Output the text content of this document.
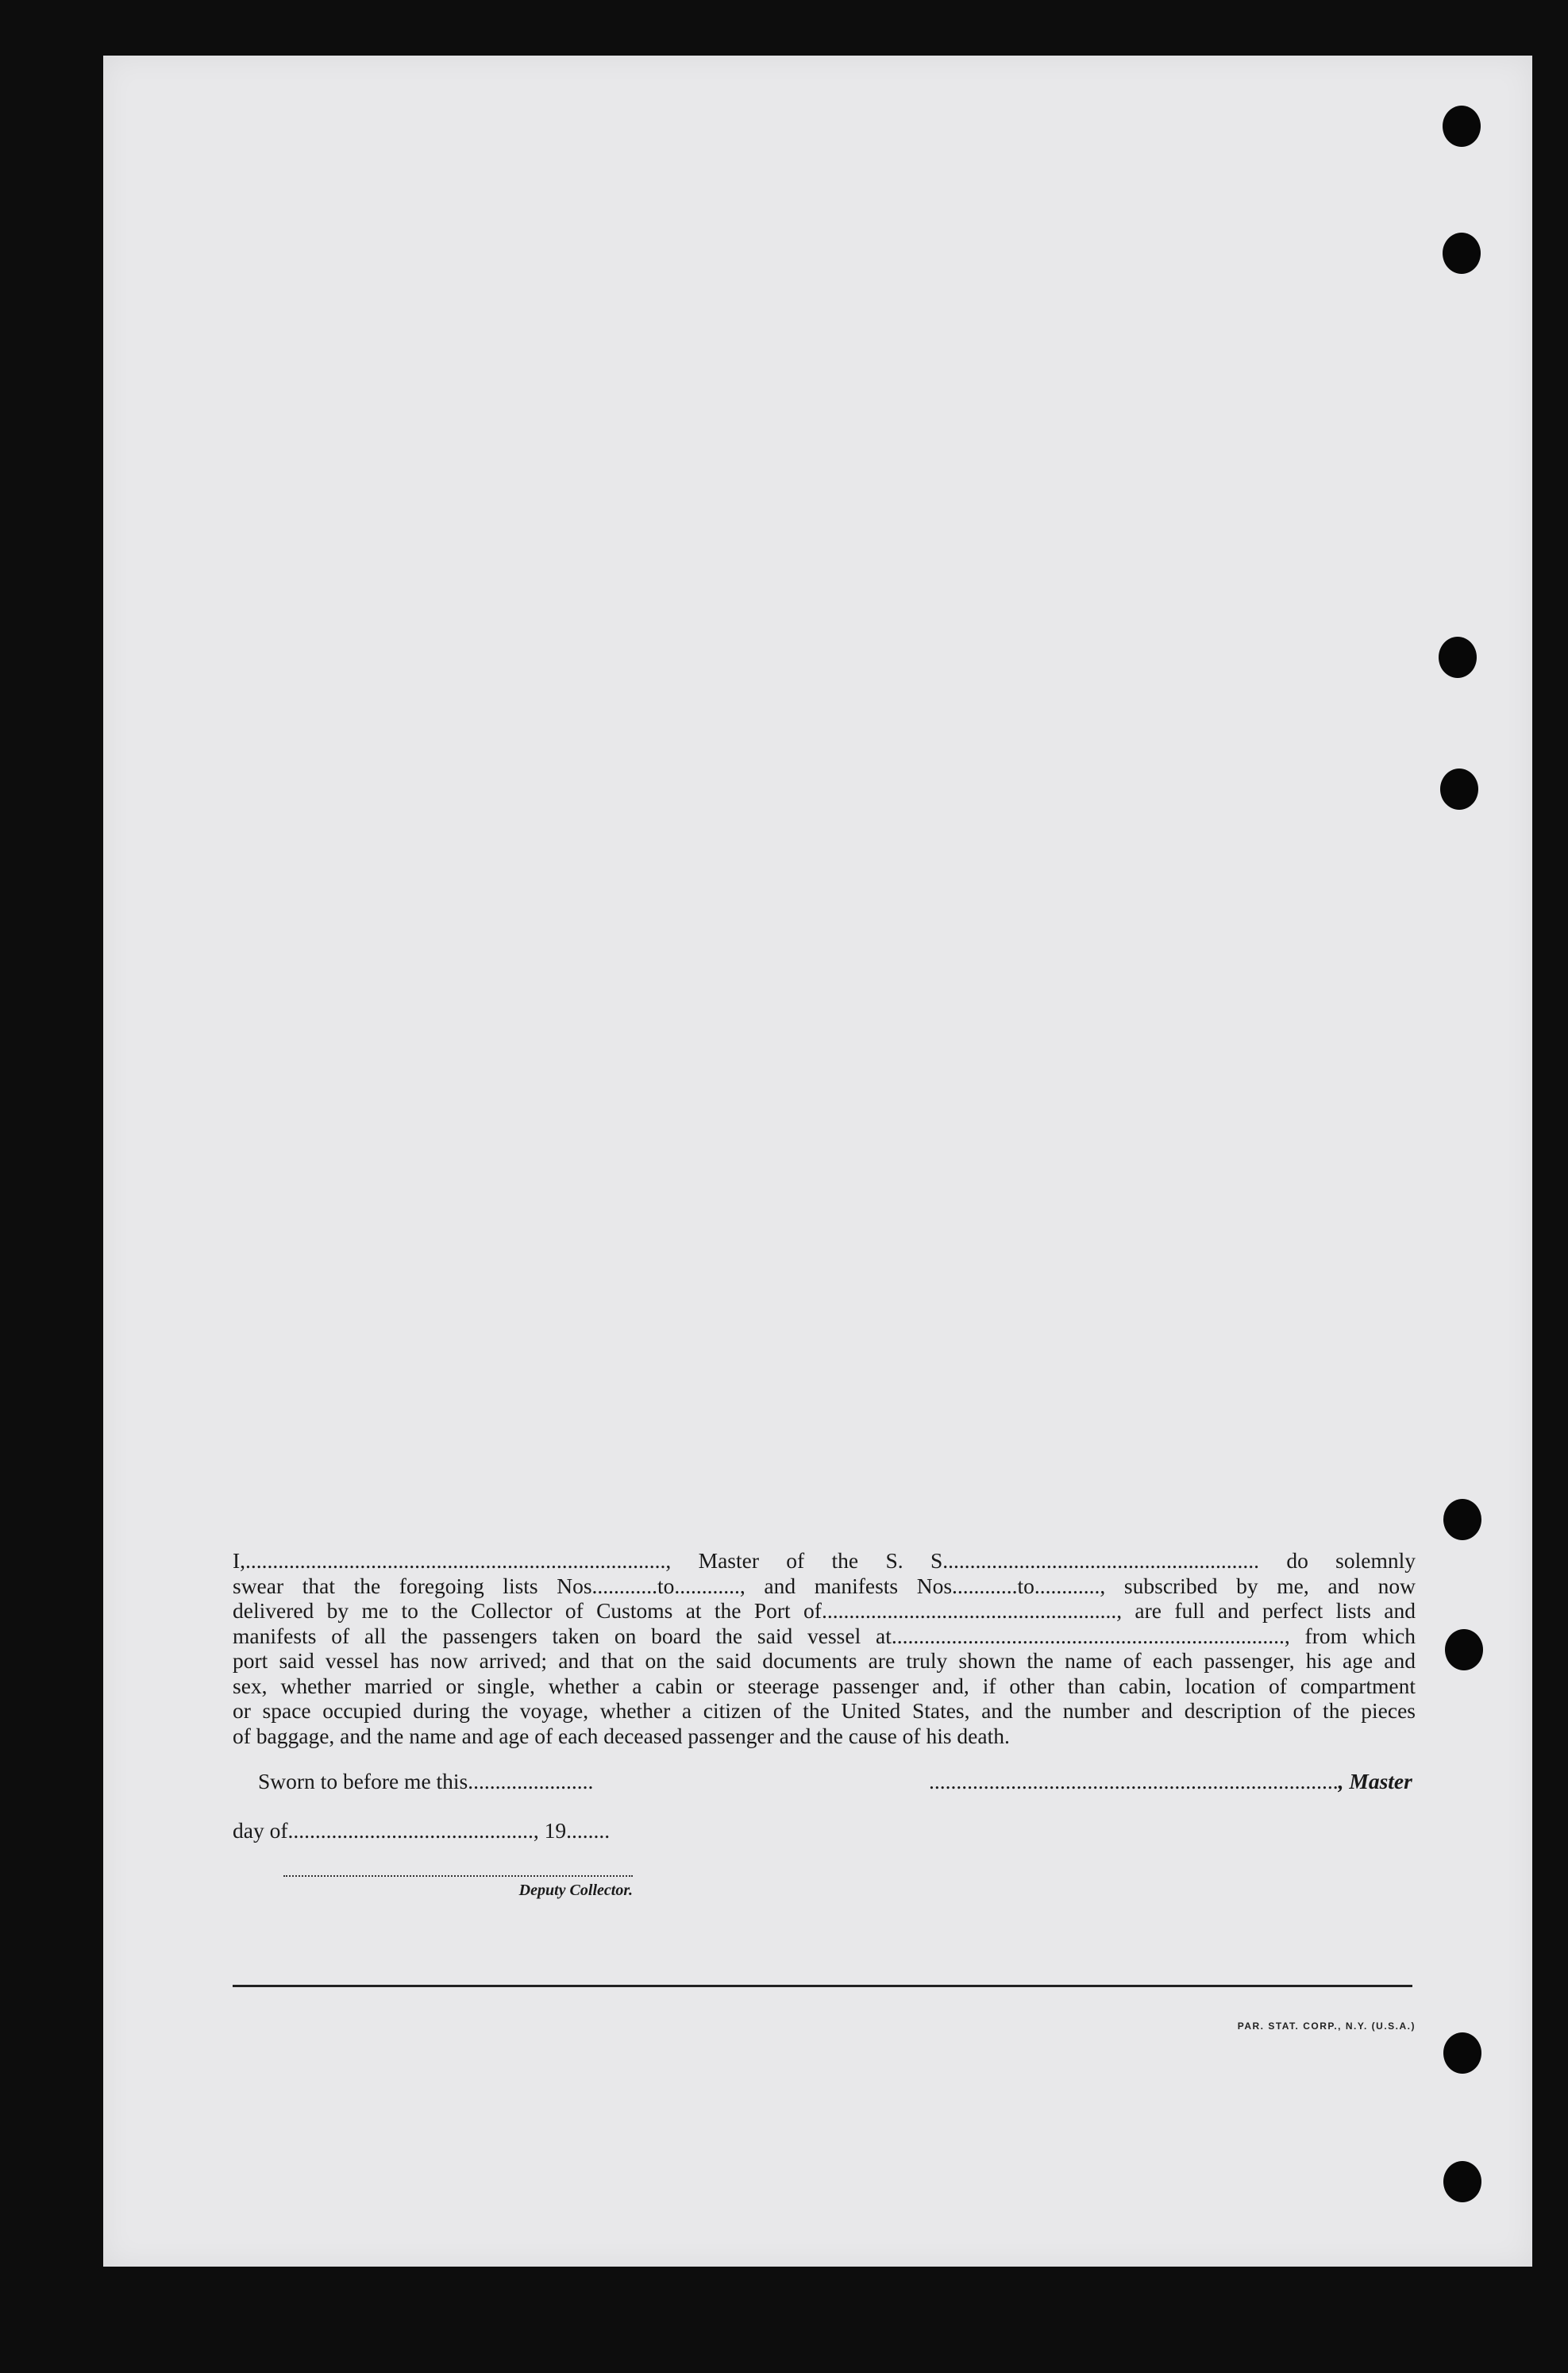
I,............................................................................., Master of the S. S.......................................................... do solemnly
swear that the foregoing lists Nos............to............, and manifests Nos............to............, subscribed by me, and now
delivered by me to the Collector of Customs at the Port of......................................................, are full and perfect lists and
manifests of all the passengers taken on board the said vessel at........................................................................, from which
port said vessel has now arrived; and that on the said documents are truly shown the name of each passenger, his age and
sex, whether married or single, whether a cabin or steerage passenger and, if other than cabin, location of compartment
or space occupied during the voyage, whether a citizen of the United States, and the number and description of the pieces
of baggage, and the name and age of each deceased passenger and the cause of his death.
Sworn to before me this.......................	..........................................................................., Master
day of............................................., 19........
Deputy Collector.
PAR. STAT. CORP., N.Y. (U.S.A.)
